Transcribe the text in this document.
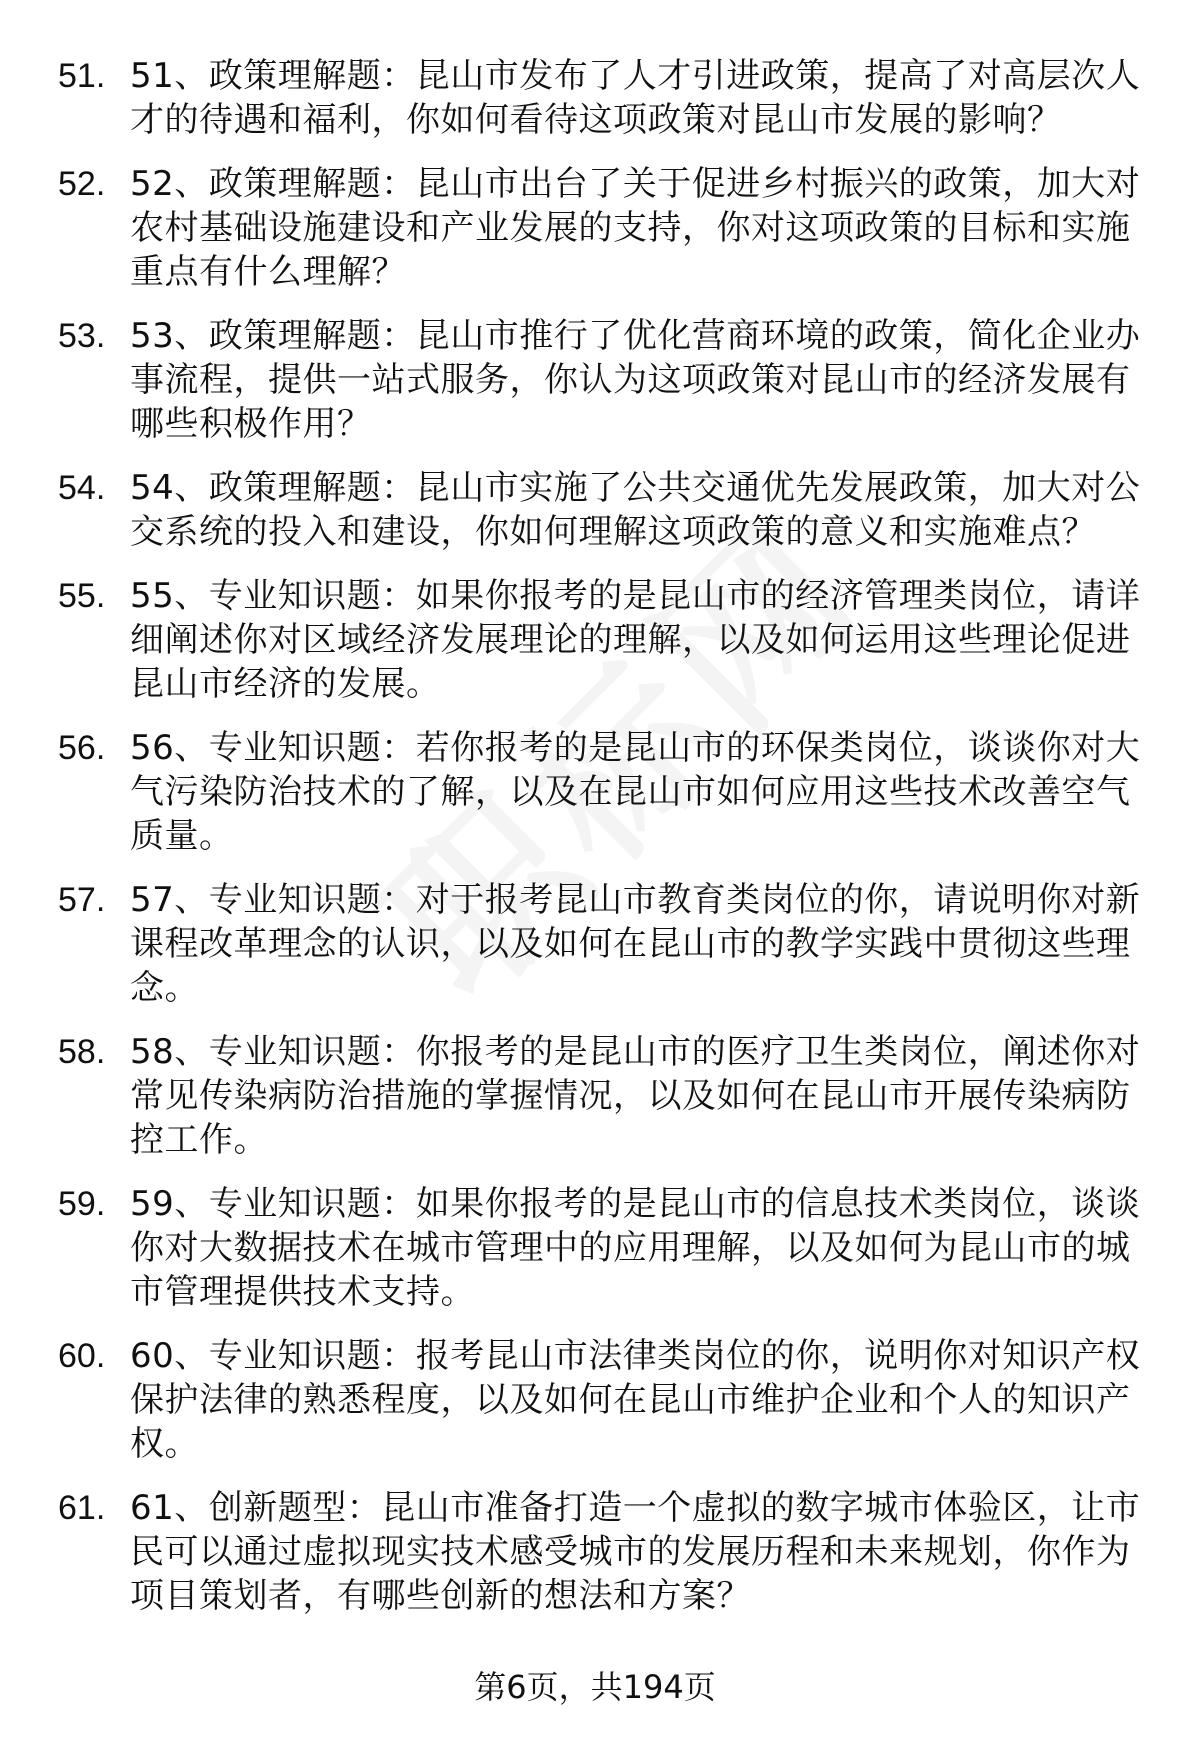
51. 51、政策理解题：昆山市发布了人才引进政策，提高了对高层次人才的待遇和福利，你如何看待这项政策对昆山市发展的影响？
52. 52、政策理解题：昆山市出台了关于促进乡村振兴的政策，加大对农村基础设施建设和产业发展的支持，你对这项政策的目标和实施重点有什么理解？
53. 53、政策理解题：昆山市推行了优化营商环境的政策，简化企业办事流程，提供一站式服务，你认为这项政策对昆山市的经济发展有哪些积极作用？
54. 54、政策理解题：昆山市实施了公共交通优先发展政策，加大对公交系统的投入和建设，你如何理解这项政策的意义和实施难点？
55. 55、专业知识题：如果你报考的是昆山市的经济管理类岗位，请详细阐述你对区域经济发展理论的理解，以及如何运用这些理论促进昆山市经济的发展。
56. 56、专业知识题：若你报考的是昆山市的环保类岗位，谈谈你对大气污染防治技术的了解，以及在昆山市如何应用这些技术改善空气质量。
57. 57、专业知识题：对于报考昆山市教育类岗位的你，请说明你对新课程改革理念的认识，以及如何在昆山市的教学实践中贯彻这些理念。
58. 58、专业知识题：你报考的是昆山市的医疗卫生类岗位，阐述你对常见传染病防治措施的掌握情况，以及如何在昆山市开展传染病防控工作。
59. 59、专业知识题：如果你报考的是昆山市的信息技术类岗位，谈谈你对大数据技术在城市管理中的应用理解，以及如何为昆山市的城市管理提供技术支持。
60. 60、专业知识题：报考昆山市法律类岗位的你，说明你对知识产权保护法律的熟悉程度，以及如何在昆山市维护企业和个人的知识产权。
61. 61、创新题型：昆山市准备打造一个虚拟的数字城市体验区，让市民可以通过虚拟现实技术感受城市的发展历程和未来规划，你作为项目策划者，有哪些创新的想法和方案？
第6页，共194页
